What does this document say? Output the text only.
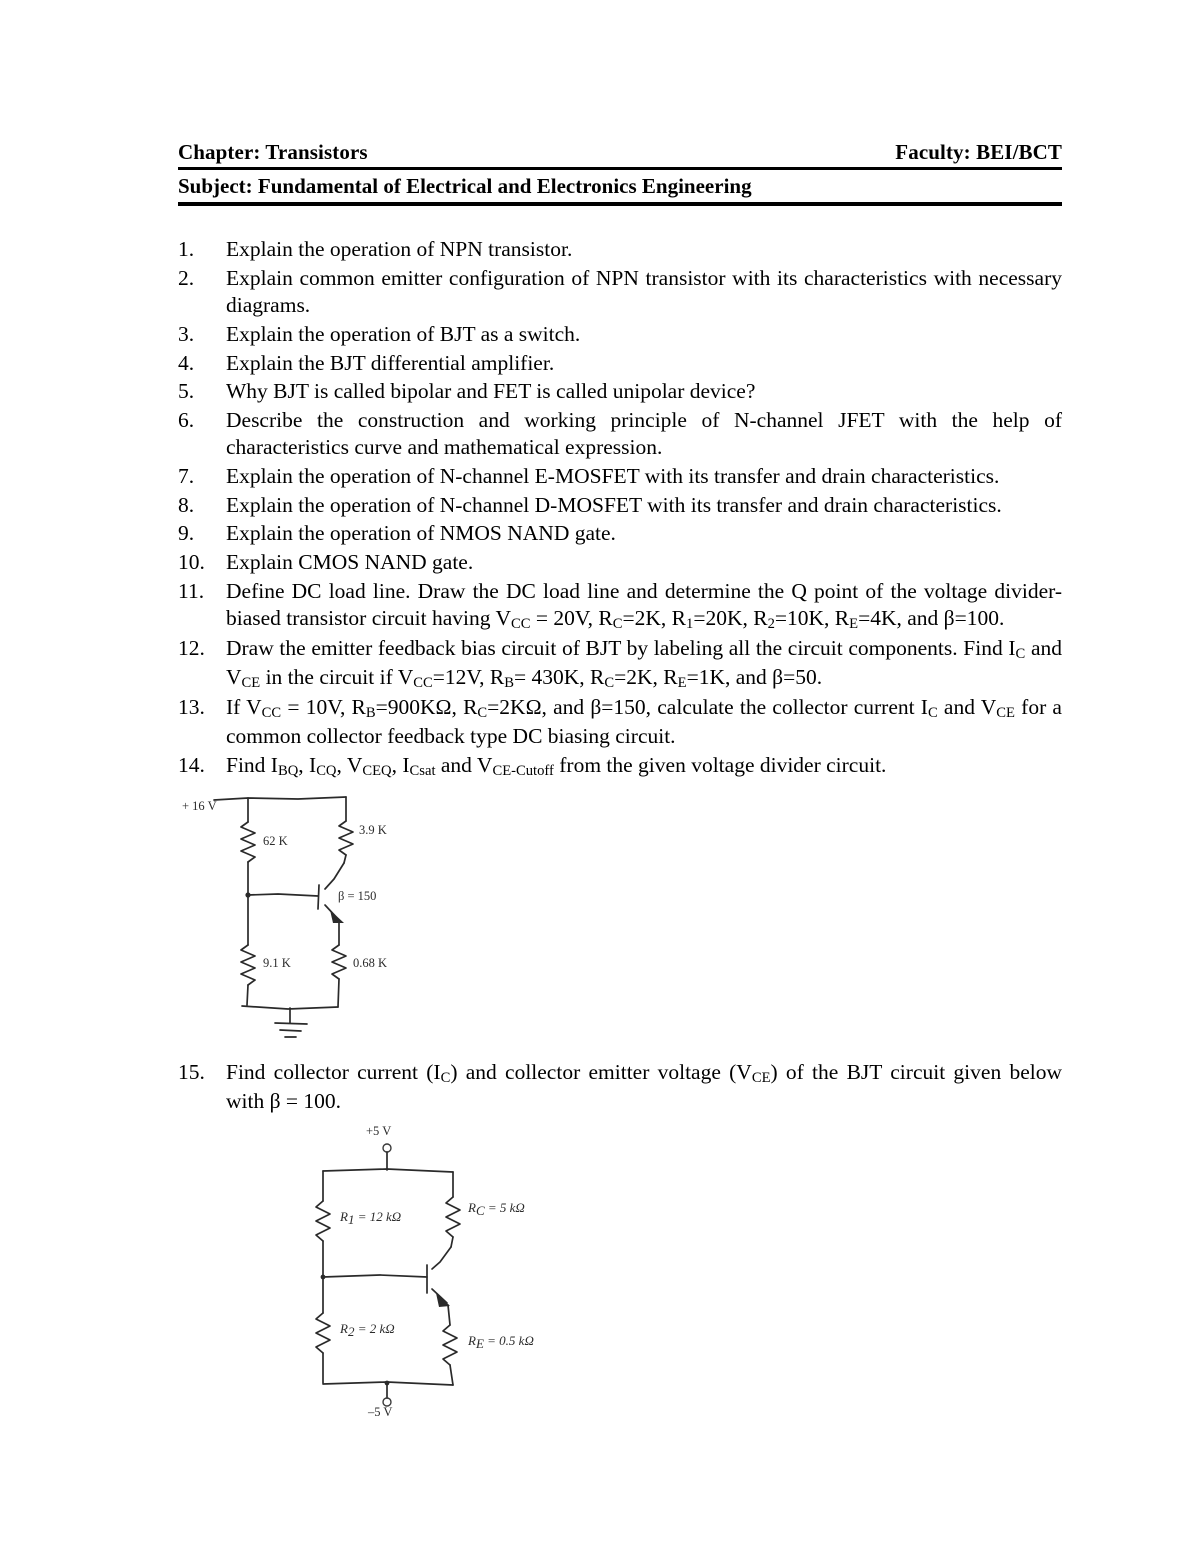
Chapter: Transistors	Faculty: BEI/BCT
Subject: Fundamental of Electrical and Electronics Engineering
1.	Explain the operation of NPN transistor.
2.	Explain common emitter configuration of NPN transistor with its characteristics with necessary diagrams.
3.	Explain the operation of BJT as a switch.
4.	Explain the BJT differential amplifier.
5.	Why BJT is called bipolar and FET is called unipolar device?
6.	Describe the construction and working principle of N-channel JFET with the help of characteristics curve and mathematical expression.
7.	Explain the operation of N-channel E-MOSFET with its transfer and drain characteristics.
8.	Explain the operation of N-channel D-MOSFET with its transfer and drain characteristics.
9.	Explain the operation of NMOS NAND gate.
10. Explain CMOS NAND gate.
11.	Define DC load line. Draw the DC load line and determine the Q point of the voltage divider-biased transistor circuit having $V_{CC} = 20V$, $R_C=2K$, $R_1=20K$, $R_2=10K$, $R_E=4K$, and β=100.
12. Draw the emitter feedback bias circuit of BJT by labeling all the circuit components. Find $I_C$ and $V_{CE}$ in the circuit if $V_{CC}=12V$, $R_B= 430K$, $R_C=2K$, $R_E=1K$, and β=50.
13. If $V_{CC} = 10V$, $R_B=900K\Omega$, $R_C=2K\Omega$, and β=150, calculate the collector current $I_C$ and $V_{CE}$ for a common collector feedback type DC biasing circuit.
14. Find $I_{BQ}$, $I_{CQ}$, $V_{CEQ}$, $I_{Csat}$ and $V_{CE-Cutoff}$ from the given voltage divider circuit.
15. Find collector current $(I_C)$ and collector emitter voltage $(V_{CE})$ of the BJT circuit given below with β = 100.
+ 16 V
62 K
3.9 K
9.1 K	0.68 K
β = 150
+5 V
–5 V
R1 = 12 kΩ
R2 = 2 kΩ
RC = 5 kΩ
RE = 0.5 kΩ
